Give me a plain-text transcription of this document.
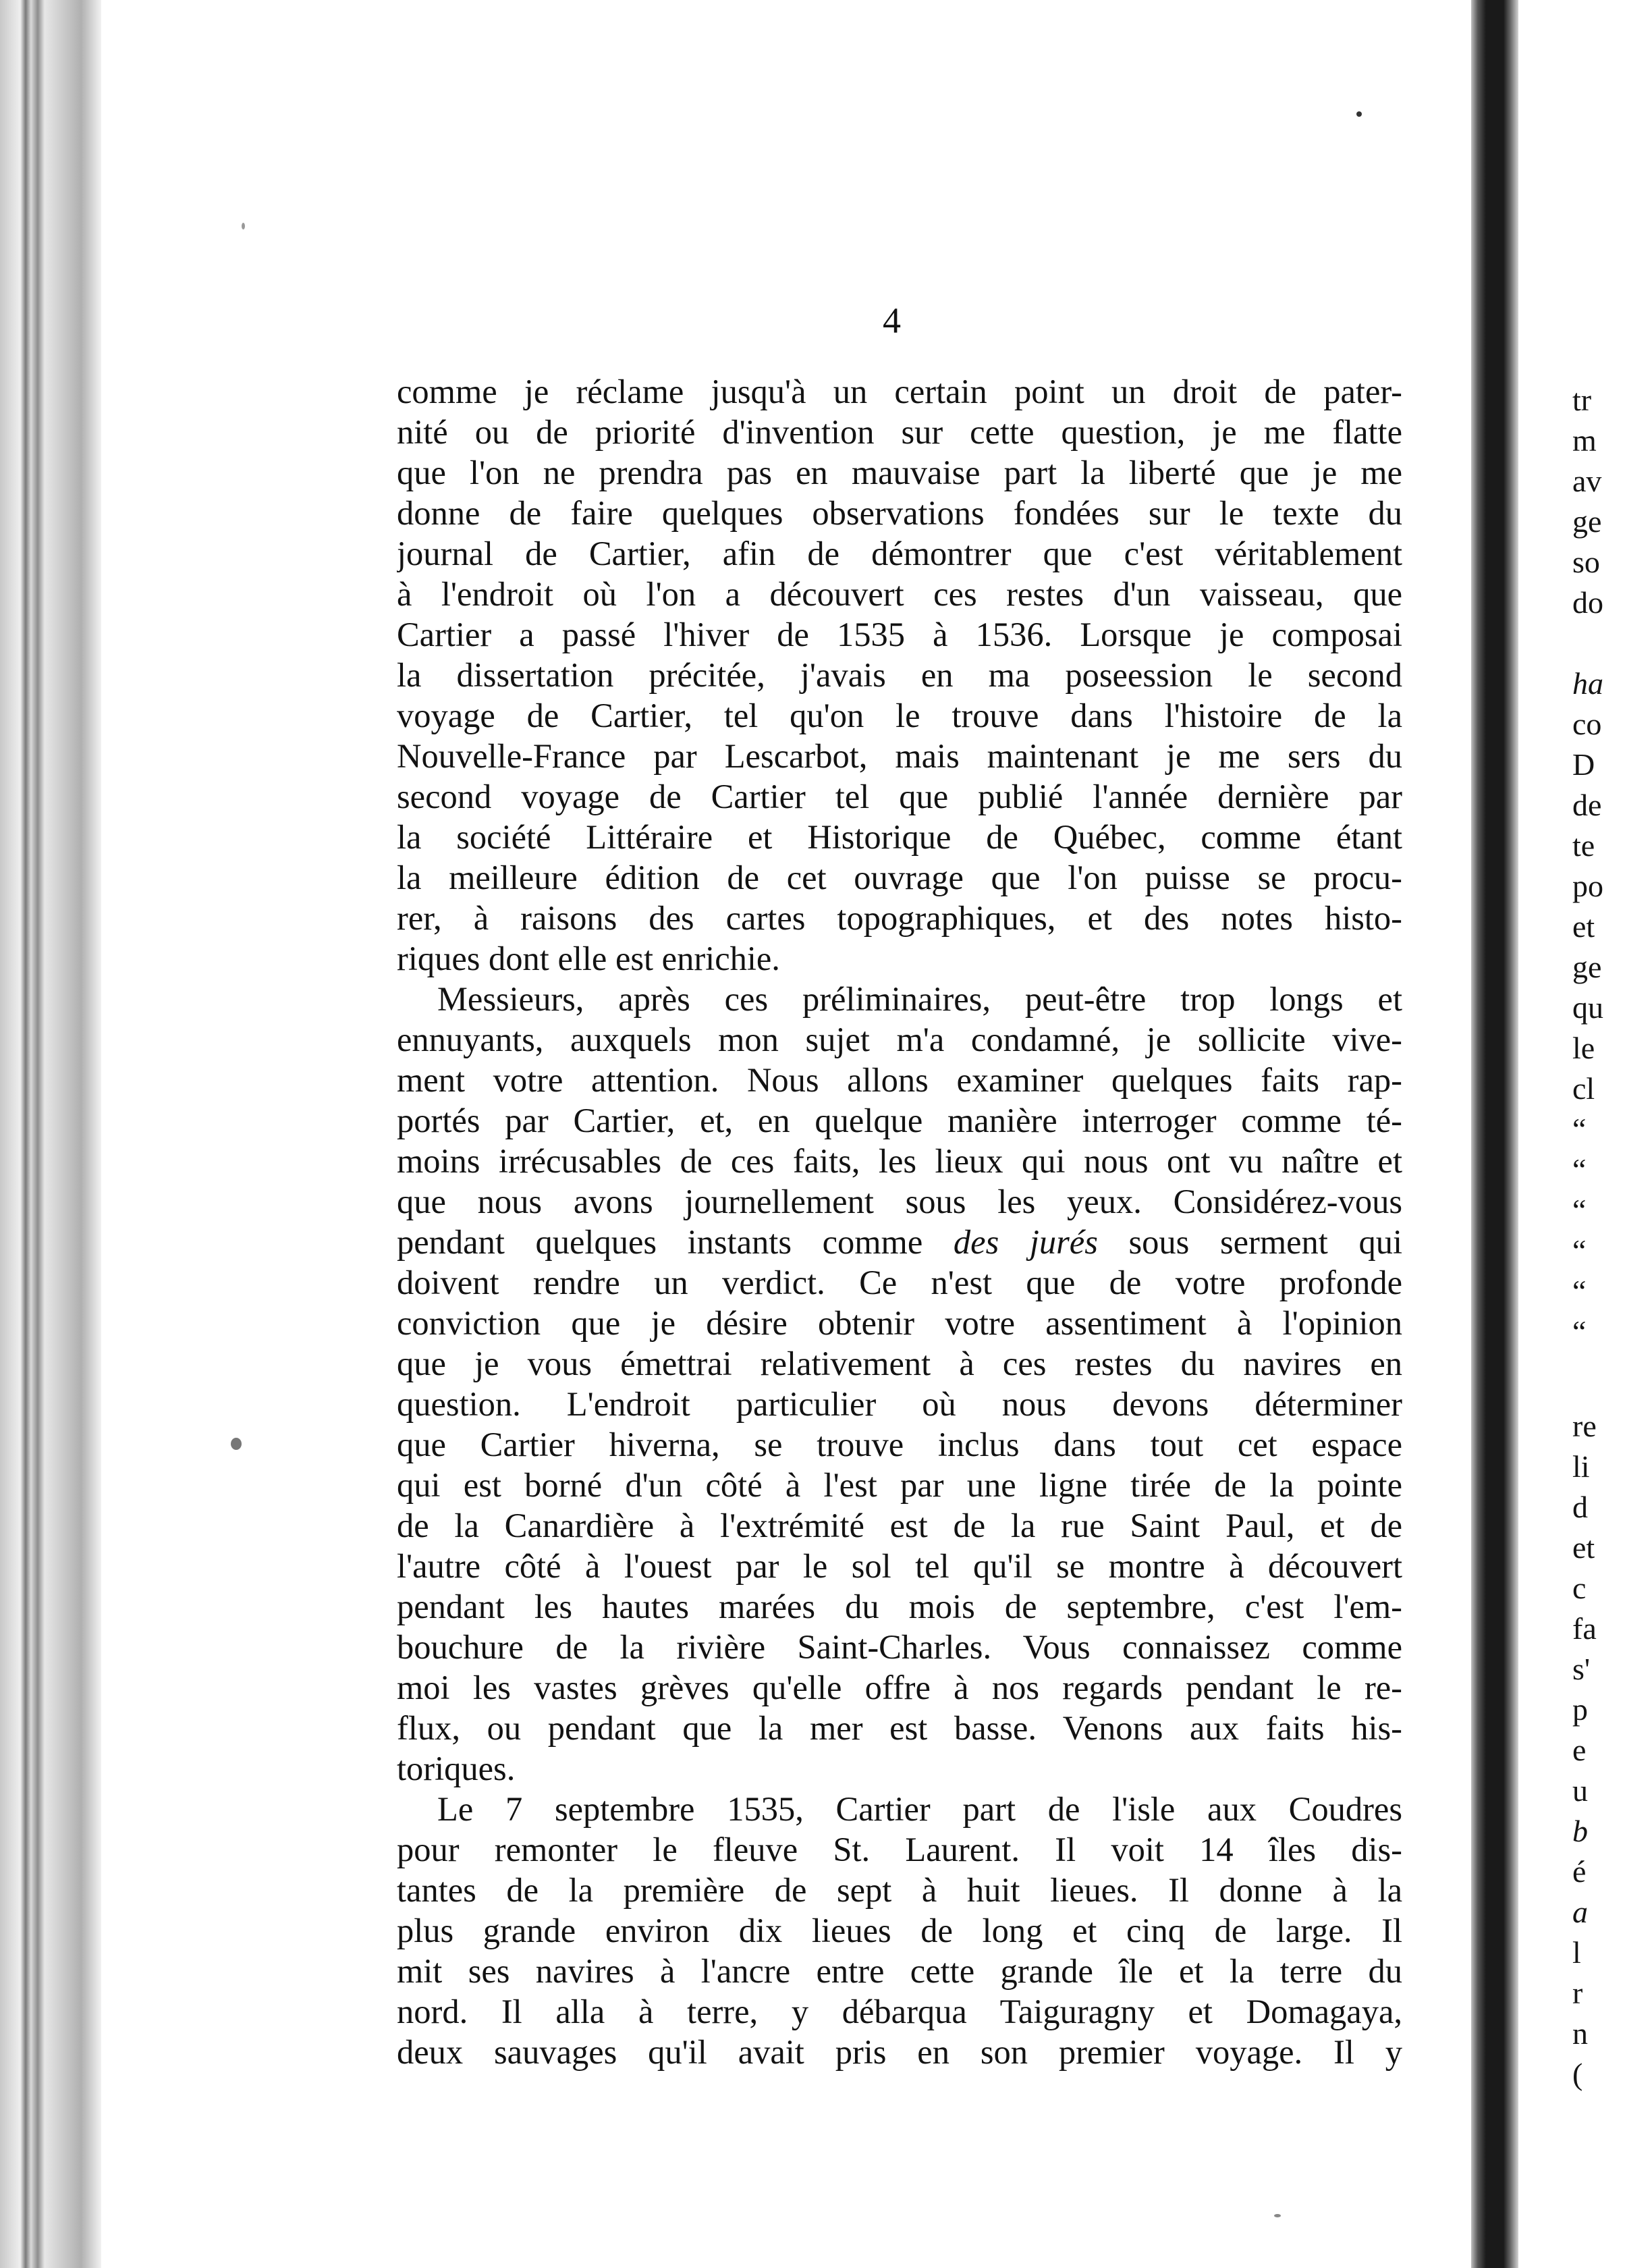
4
comme je réclame jusqu'à un certain point un droit de pater-
nité ou de priorité d'invention sur cette question, je me flatte
que l'on ne prendra pas en mauvaise part la liberté que je me
donne de faire quelques observations fondées sur le texte du
journal de Cartier, afin de démontrer que c'est véritablement
à l'endroit où l'on a découvert ces restes d'un vaisseau, que
Cartier a passé l'hiver de 1535 à 1536. Lorsque je composai
la dissertation précitée, j'avais en ma poseession le second
voyage de Cartier, tel qu'on le trouve dans l'histoire de la
Nouvelle-France par Lescarbot, mais maintenant je me sers du
second voyage de Cartier tel que publié l'année dernière par
la société Littéraire et Historique de Québec, comme étant
la meilleure édition de cet ouvrage que l'on puisse se procu-
rer, à raisons des cartes topographiques, et des notes histo-
riques dont elle est enrichie.
Messieurs, après ces préliminaires, peut-être trop longs et
ennuyants, auxquels mon sujet m'a condamné, je sollicite vive-
ment votre attention. Nous allons examiner quelques faits rap-
portés par Cartier, et, en quelque manière interroger comme té-
moins irrécusables de ces faits, les lieux qui nous ont vu naître et
que nous avons journellement sous les yeux. Considérez-vous
pendant quelques instants comme des jurés sous serment qui
doivent rendre un verdict. Ce n'est que de votre profonde
conviction que je désire obtenir votre assentiment à l'opinion
que je vous émettrai relativement à ces restes du navires en
question. L'endroit particulier où nous devons déterminer
que Cartier hiverna, se trouve inclus dans tout cet espace
qui est borné d'un côté à l'est par une ligne tirée de la pointe
de la Canardière à l'extrémité est de la rue Saint Paul, et de
l'autre côté à l'ouest par le sol tel qu'il se montre à découvert
pendant les hautes marées du mois de septembre, c'est l'em-
bouchure de la rivière Saint-Charles. Vous connaissez comme
moi les vastes grèves qu'elle offre à nos regards pendant le re-
flux, ou pendant que la mer est basse. Venons aux faits his-
toriques.
Le 7 septembre 1535, Cartier part de l'isle aux Coudres
pour remonter le fleuve St. Laurent. Il voit 14 îles dis-
tantes de la première de sept à huit lieues. Il donne à la
plus grande environ dix lieues de long et cinq de large. Il
mit ses navires à l'ancre entre cette grande île et la terre du
nord. Il alla à terre, y débarqua Taiguragny et Domagaya,
deux sauvages qu'il avait pris en son premier voyage. Il y
tr
m
av
ge
so
do
ha
co
D
de
te
po
et
ge
qu
le
cl
“
“
“
“
“
“
re
li
d
et
c
fa
s'
p
e
u
b
é
a
l
r
n
(
